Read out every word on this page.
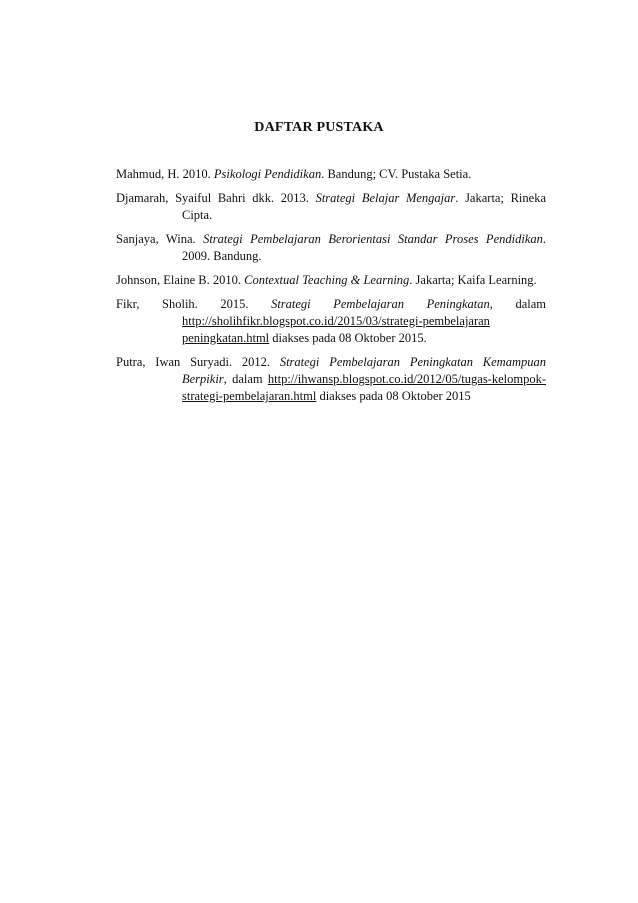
DAFTAR PUSTAKA

Mahmud, H. 2010. Psikologi Pendidikan. Bandung; CV. Pustaka Setia.

Djamarah, Syaiful Bahri dkk. 2013. Strategi Belajar Mengajar. Jakarta; Rineka Cipta.

Sanjaya, Wina. Strategi Pembelajaran Berorientasi Standar Proses Pendidikan. 2009. Bandung.

Johnson, Elaine B. 2010. Contextual Teaching & Learning. Jakarta; Kaifa Learning.

Fikr, Sholih. 2015. Strategi Pembelajaran Peningkatan, dalam http://sholihfikr.blogspot.co.id/2015/03/strategi-pembelajaran peningkatan.html diakses pada 08 Oktober 2015.

Putra, Iwan Suryadi. 2012. Strategi Pembelajaran Peningkatan Kemampuan Berpikir, dalam http://ihwansp.blogspot.co.id/2012/05/tugas-kelompok-strategi-pembelajaran.html diakses pada 08 Oktober 2015
